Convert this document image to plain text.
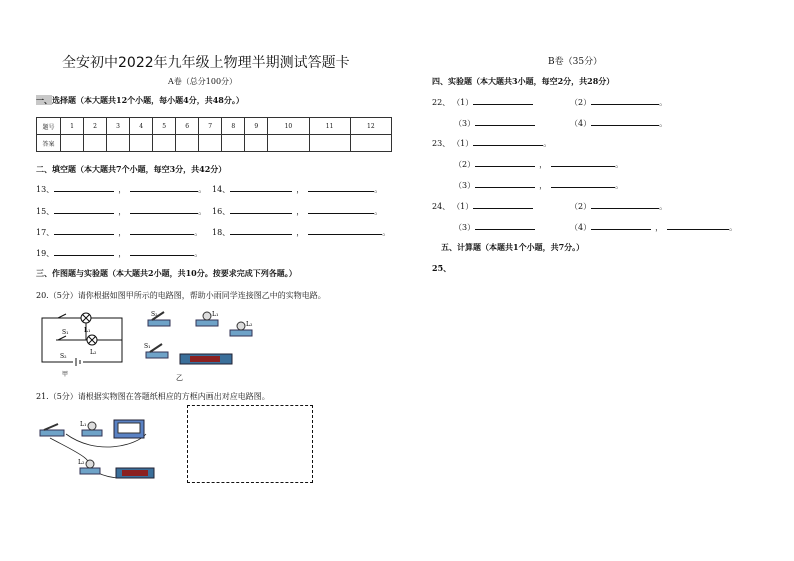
全安初中2022年九年级上物理半期测试答题卡
A卷（总分100分）
B卷（35分）
一、选择题（本大题共12个小题，每小题4分，共48分。）
题号	1	2	3	4	5	6	7	8	9	10	11	12
答案												
二、填空题（本大题共7个小题，每空3分，共42分）
13、	，	。 14、	，	。
15、	，	。 16、	，	。
17、	，	。 18、	，	。
19、	，	。
三、作图题与实验题（本大题共2小题，共10分。按要求完成下列各题。）
20.（5分）请你根据如图甲所示的电路图，帮助小雨同学连接图乙中的实物电路。
S₁
S₂
L₁
L₂
甲
S₂	L₁
L₂
S₁
乙
21.（5分）请根据实物图在答题纸相应的方框内画出对应电路图。
L₁
L₂
四、实验题（本大题共3小题，每空2分，共28分）
22、 （1）	（2）	。
（3）	（4）	。
23、 （1）	。
（2）	，	。
（3）	，	。
24、 （1）	（2）	。
（3）	（4）	，	。
五、计算题（本题共1个小题，共7分。）
25、
